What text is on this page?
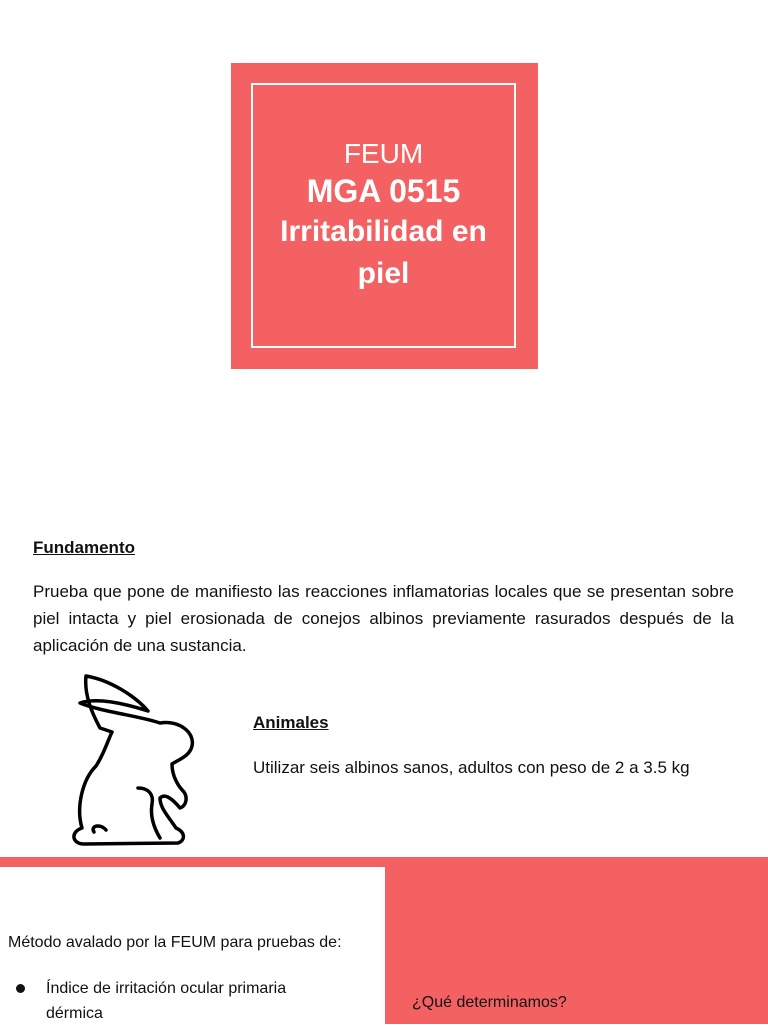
FEUM
MGA 0515
Irritabilidad en piel
Fundamento
Prueba que pone de manifiesto las reacciones inflamatorias locales que se presentan sobre piel intacta y piel erosionada de conejos albinos previamente rasurados después de la aplicación de una sustancia.
Animales
Utilizar seis albinos sanos, adultos con peso de 2 a 3.5 kg
Método avalado por la FEUM para pruebas de:
Índice de irritación ocular primaria dérmica
¿Qué determinamos?
